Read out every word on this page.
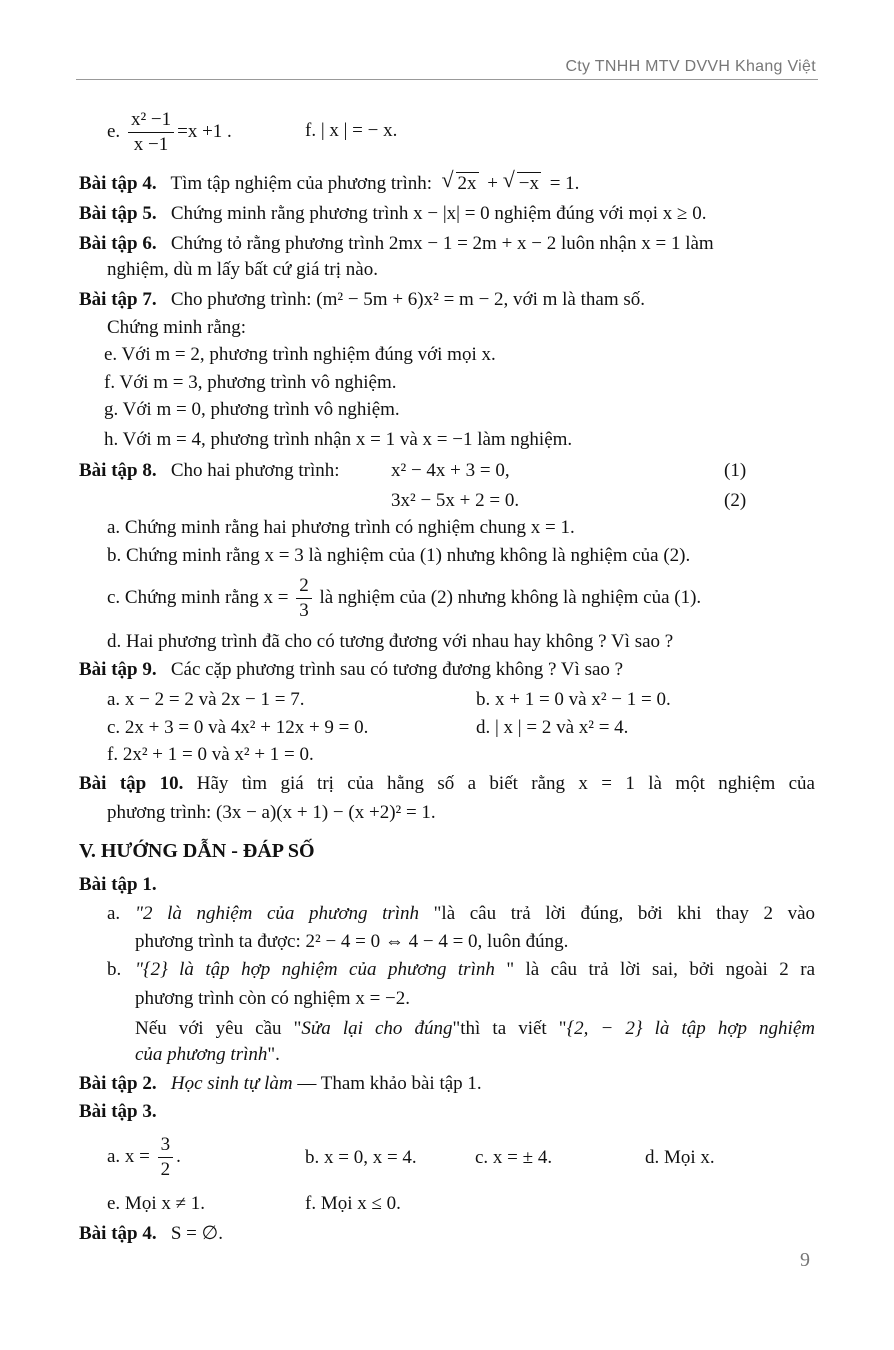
Cty TNHH MTV DVVH Khang Việt
e. $\frac{\text{x² −1}}{x -1} =x +1$ .	f. | x | = − x.
Bài tập 4. Tìm tập nghiệm của phương trình: √ 2x + √ −x = 1.
Bài tập 5. Chứng minh rằng phương trình x − |x| = 0 nghiệm đúng với mọi x ≥ 0.
Bài tập 6. Chứng tỏ rằng phương trình 2mx − 1 = 2m + x − 2 luôn nhận x = 1 làm
nghiệm, dù m lấy bất cứ giá trị nào.
Bài tập 7. Cho phương trình: (m² − 5m + 6)x² = m − 2, với m là tham số.
Chứng minh rằng:
e. Với m = 2, phương trình nghiệm đúng với mọi x.
f. Với m = 3, phương trình vô nghiệm.
g. Với m = 0, phương trình vô nghiệm.
h. Với m = 4, phương trình nhận x = 1 và x = −1 làm nghiệm.
Bài tập 8. Cho hai phương trình:	x² − 4x + 3 = 0,	(1)
3x² − 5x + 2 = 0.	(2)
a. Chứng minh rằng hai phương trình có nghiệm chung x = 1.
b. Chứng minh rằng x = 3 là nghiệm của (1) nhưng không là nghiệm của (2).
c. Chứng minh rằng $x = \frac{2}{3}$ là nghiệm của (2) nhưng không là nghiệm của (1).
d. Hai phương trình đã cho có tương đương với nhau hay không ? Vì sao ?
Bài tập 9. Các cặp phương trình sau có tương đương không ? Vì sao ?
a. x − 2 = 2 và 2x − 1 = 7.	b. x + 1 = 0 và x² − 1 = 0.
c. 2x + 3 = 0 và 4x² + 12x + 9 = 0.	d. | x | = 2 và x² = 4.
f. 2x² + 1 = 0 và x² + 1 = 0.
Bài tập 10. Hãy tìm giá trị của hằng số a biết rằng x = 1 là một nghiệm của
phương trình: (3x − a)(x + 1) − (x +2)² = 1.
V. HƯỚNG DẪN - ĐÁP SỐ
Bài tập 1.
a. "2 là nghiệm của phương trình "là câu trả lời đúng, bởi khi thay 2 vào
phương trình ta được: 2² − 4 = 0 ⇔ 4 − 4 = 0, luôn đúng.
b. "{2} là tập hợp nghiệm của phương trình " là câu trả lời sai, bởi ngoài 2 ra
phương trình còn có nghiệm x = −2.
Nếu với yêu cầu "Sửa lại cho đúng"thì ta viết "{2, − 2} là tập hợp nghiệm
của phương trình".
Bài tập 2. Học sinh tự làm — Tham khảo bài tập 1.
Bài tập 3.
a. $x = \frac{3}{2}$ .	b. x = 0, x = 4.	c. x = ± 4.	d. Mọi x.
e. Mọi x ≠ 1.	f. Mọi x ≤ 0.
Bài tập 4. S = ∅.
9
